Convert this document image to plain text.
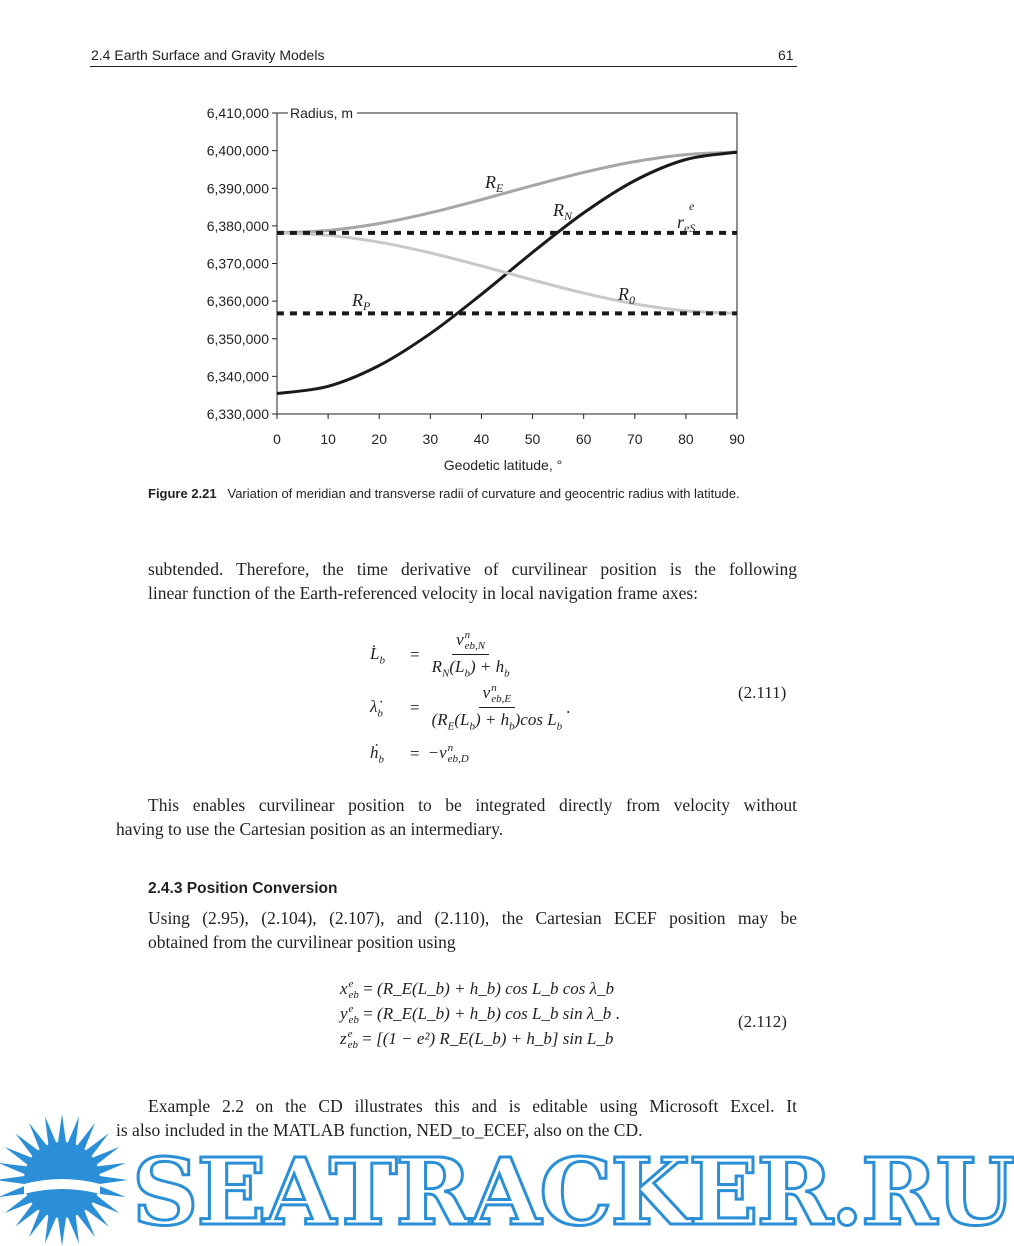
2.4 Earth Surface and Gravity Models	61
6,330,000
6,340,000
6,350,000
6,360,000
6,370,000
6,380,000
6,390,000
6,400,000
6,410,000
0	10	20	30	40	50	60	70	80	90
Radius, m
Geodetic latitude, °
$R_E$
$R_N$	$r_{eS}$
e
$R_0$
$R_P$
Figure 2.21 Variation of meridian and transverse radii of curvature and geocentric radius with latitude.
subtended. Therefore, the time derivative of curvilinear position is the following
linear function of the Earth-referenced velocity in local navigation frame axes:
$L̇_b$	= v n
eb,N
$R_N(L_b) + h_b$
$\lambdȧ_b$	= v n
eb,E
$(R_E(L_b) + h_b)\cos$ $L_b$ .
ḣ$_b$	= −v n
eb,D
(2.111)
This enables curvilinear position to be integrated directly from velocity without
having to use the Cartesian position as an intermediary.
2.4.3 Position Conversion
Using (2.95), (2.104), (2.107), and (2.110), the Cartesian ECEF position may be
obtained from the curvilinear position using
x e
eb = (R_E(L_b) + h_b) cos L_b cos λ_b
y e
eb = (R_E(L_b) + h_b) cos L_b sin λ_b .
z e
eb = [(1 − e²) R_E(L_b) + h_b] sin L_b
(2.112)
Example 2.2 on the CD illustrates this and is editable using Microsoft Excel. It
is also included in the MATLAB function, NED_to_ECEF, also on the CD.
SEATRACKER.RU
